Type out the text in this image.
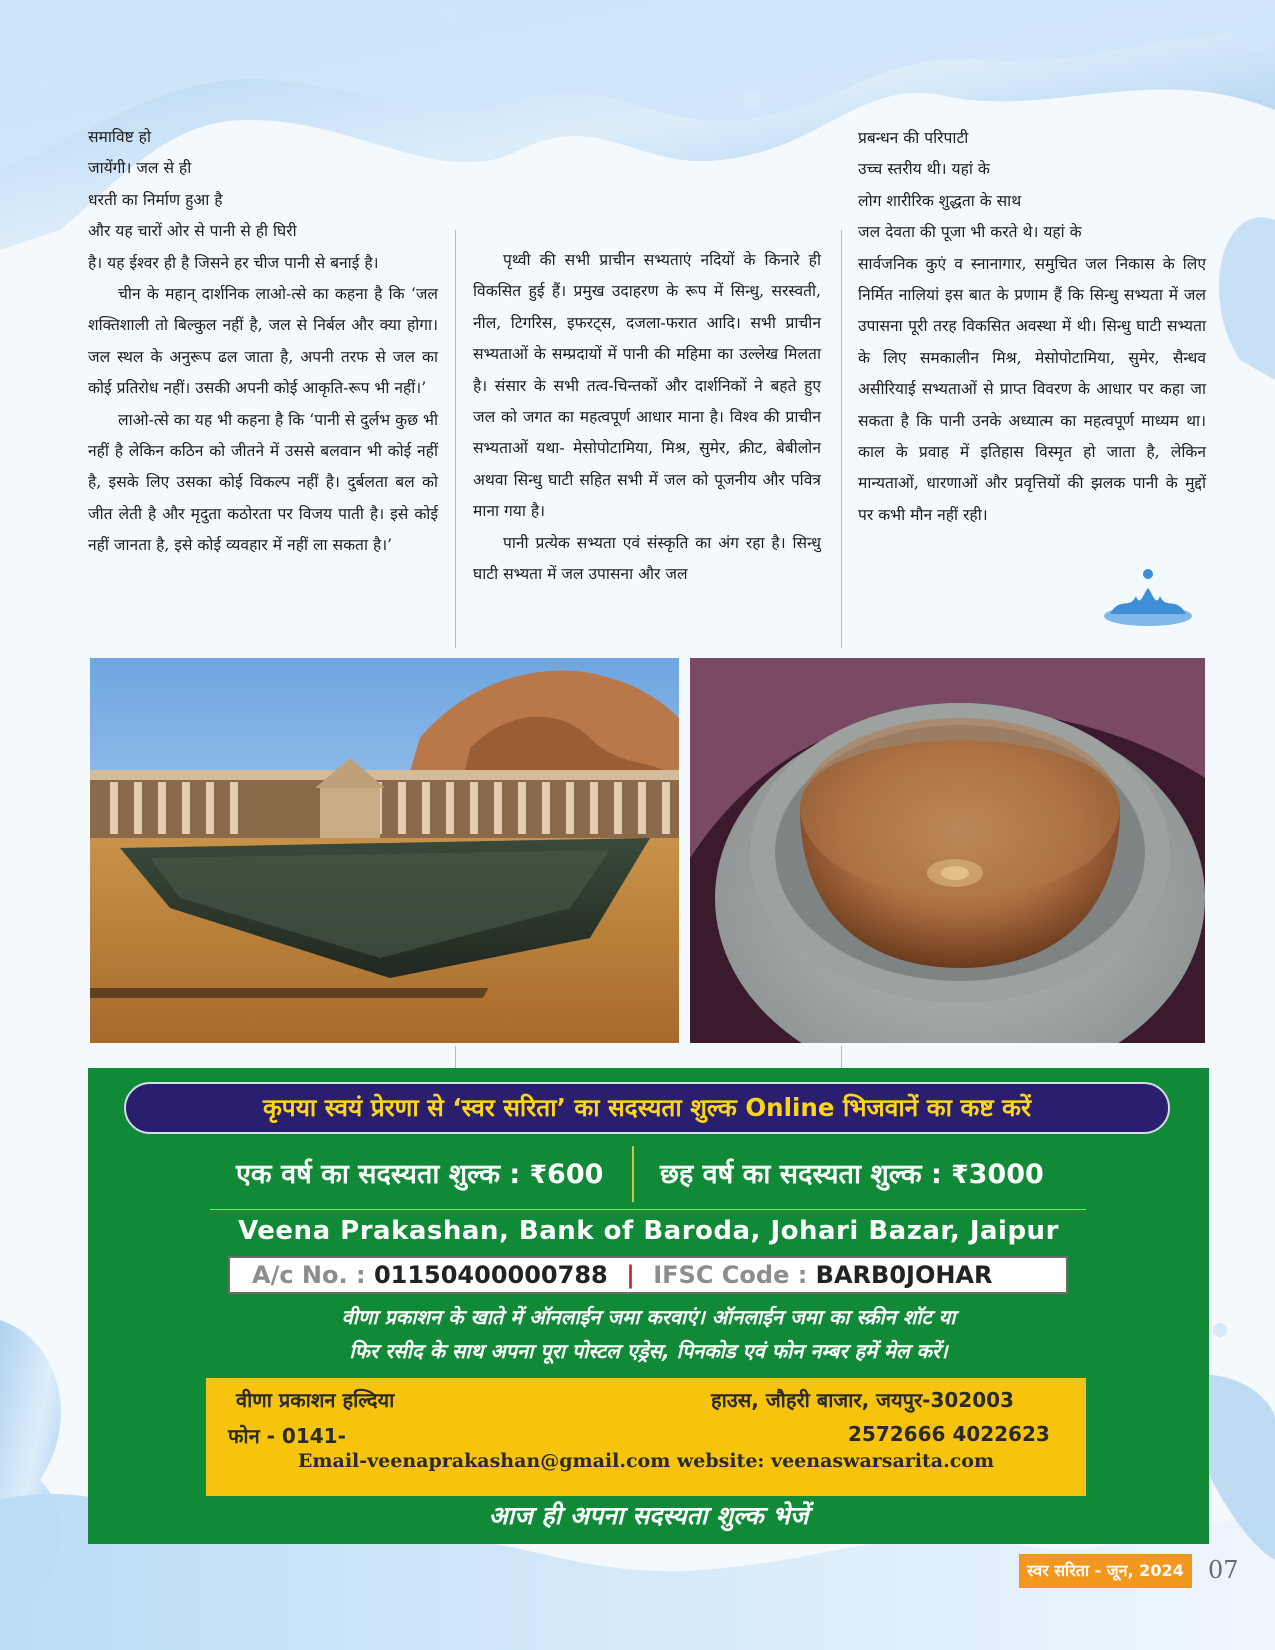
समाविष्ट हो

जायेंगी। जल से ही

धरती का निर्माण हुआ है

और यह चारों ओर से पानी से ही घिरी

है। यह ईश्वर ही है जिसने हर चीज पानी से बनाई है।

चीन के महान् दार्शनिक लाओ-त्से का कहना है कि ‘जल शक्तिशाली तो बिल्कुल नहीं है, जल से निर्बल और क्या होगा। जल स्थल के अनुरूप ढल जाता है, अपनी तरफ से जल का कोई प्रतिरोध नहीं। उसकी अपनी कोई आकृति-रूप भी नहीं।’

लाओ-त्से का यह भी कहना है कि ‘पानी से दुर्लभ कुछ भी नहीं है लेकिन कठिन को जीतने में उससे बलवान भी कोई नहीं है, इसके लिए उसका कोई विकल्प नहीं है। दुर्बलता बल को जीत लेती है और मृदुता कठोरता पर विजय पाती है। इसे कोई नहीं जानता है, इसे कोई व्यवहार में नहीं ला सकता है।’

पृथ्वी की सभी प्राचीन सभ्यताएं नदियों के किनारे ही विकसित हुई हैं। प्रमुख उदाहरण के रूप में सिन्धु, सरस्वती, नील, टिगरिस, इफरट्स, दजला-फरात आदि। सभी प्राचीन सभ्यताओं के सम्प्रदायों में पानी की महिमा का उल्लेख मिलता है। संसार के सभी तत्व-चिन्तकों और दार्शनिकों ने बहते हुए जल को जगत का महत्वपूर्ण आधार माना है। विश्व की प्राचीन सभ्यताओं यथा- मेसोपोटामिया, मिश्र, सुमेर, क्रीट, बेबीलोन अथवा सिन्धु घाटी सहित सभी में जल को पूजनीय और पवित्र माना गया है।

पानी प्रत्येक सभ्यता एवं संस्कृति का अंग रहा है। सिन्धु घाटी सभ्यता में जल उपासना और जल

प्रबन्धन की परिपाटी

उच्च स्तरीय थी। यहां के

लोग शारीरिक शुद्धता के साथ

जल देवता की पूजा भी करते थे। यहां के

सार्वजनिक कुएं व स्नानागार, समुचित जल निकास के लिए निर्मित नालियां इस बात के प्रणाम हैं कि सिन्धु सभ्यता में जल उपासना पूरी तरह विकसित अवस्था में थी। सिन्धु घाटी सभ्यता के लिए समकालीन मिश्र, मेसोपोटामिया, सुमेर, सैन्धव असीरियाई सभ्यताओं से प्राप्त विवरण के आधार पर कहा जा सकता है कि पानी उनके अध्यात्म का महत्वपूर्ण माध्यम था। काल के प्रवाह में इतिहास विस्मृत हो जाता है, लेकिन मान्यताओं, धारणाओं और प्रवृत्तियों की झलक पानी के मुद्दों पर कभी मौन नहीं रही।

कृपया स्वयं प्रेरणा से ‘स्वर सरिता’ का सदस्यता शुल्क Online भिजवानें का कष्ट करें
एक वर्ष का सदस्यता शुल्क : ₹600 छह वर्ष का सदस्यता शुल्क : ₹3000
Veena Prakashan, Bank of Baroda, Johari Bazar, Jaipur
A/c No. : 01150400000788 | IFSC Code : BARB0JOHAR
वीणा प्रकाशन के खाते में ऑनलाईन जमा करवाएं। ऑनलाईन जमा का स्क्रीन शॉट या
फिर रसीद के साथ अपना पूरा पोस्टल एड्रेस, पिनकोड एवं फोन नम्बर हमें मेल करें।
वीणा प्रकाशन हल्दिया	हाउस, जौहरी बाजार, जयपुर-302003
फोन - 0141-	2572666 4022623
Email-veenaprakashan@gmail.com website: veenaswarsarita.com
आज ही अपना सदस्यता शुल्क भेजें
स्वर सरिता - जून, 2024	07
